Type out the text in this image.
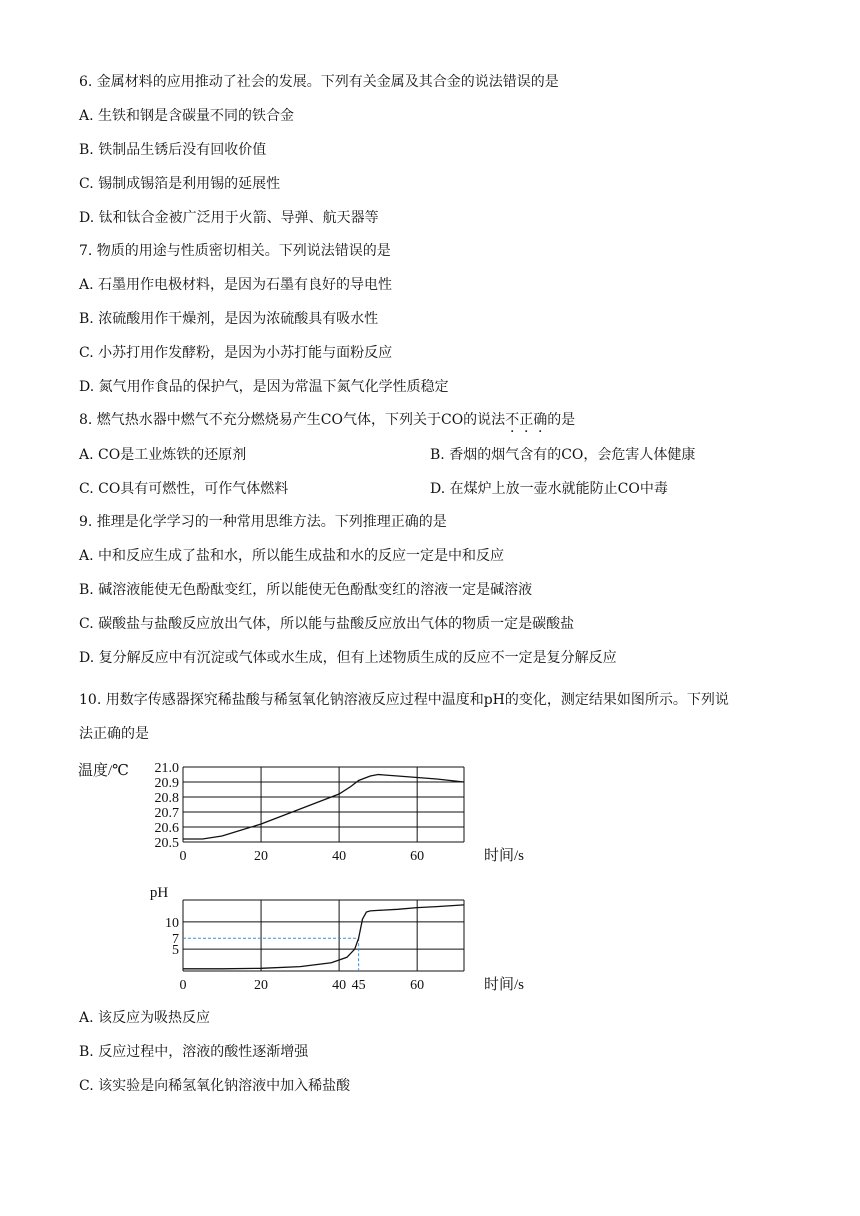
6. 金属材料的应用推动了社会的发展。下列有关金属及其合金的说法错误的是
A. 生铁和钢是含碳量不同的铁合金
B. 铁制品生锈后没有回收价值
C. 锡制成锡箔是利用锡的延展性
D. 钛和钛合金被广泛用于火箭、导弹、航天器等
7. 物质的用途与性质密切相关。下列说法错误的是
A. 石墨用作电极材料，是因为石墨有良好的导电性
B. 浓硫酸用作干燥剂，是因为浓硫酸具有吸水性
C. 小苏打用作发酵粉，是因为小苏打能与面粉反应
D. 氮气用作食品的保护气，是因为常温下氮气化学性质稳定
8. 燃气热水器中燃气不充分燃烧易产生CO气体，下列关于CO的说法不正确的是
A. CO是工业炼铁的还原剂	B. 香烟的烟气含有的CO，会危害人体健康
C. CO具有可燃性，可作气体燃料	D. 在煤炉上放一壶水就能防止CO中毒
9. 推理是化学学习的一种常用思维方法。下列推理正确的是
A. 中和反应生成了盐和水，所以能生成盐和水的反应一定是中和反应
B. 碱溶液能使无色酚酞变红，所以能使无色酚酞变红的溶液一定是碱溶液
C. 碳酸盐与盐酸反应放出气体，所以能与盐酸反应放出气体的物质一定是碳酸盐
D. 复分解反应中有沉淀或气体或水生成，但有上述物质生成的反应不一定是复分解反应
10. 用数字传感器探究稀盐酸与稀氢氧化钠溶液反应过程中温度和pH的变化，测定结果如图所示。下列说
法正确的是
20.5
20.6
20.7
20.8
20.9
21.0
0	20	40	60
温度/℃
时间/s
5
7
10
0	20	40 45	60
pH
时间/s
A. 该反应为吸热反应
B. 反应过程中，溶液的酸性逐渐增强
C. 该实验是向稀氢氧化钠溶液中加入稀盐酸
